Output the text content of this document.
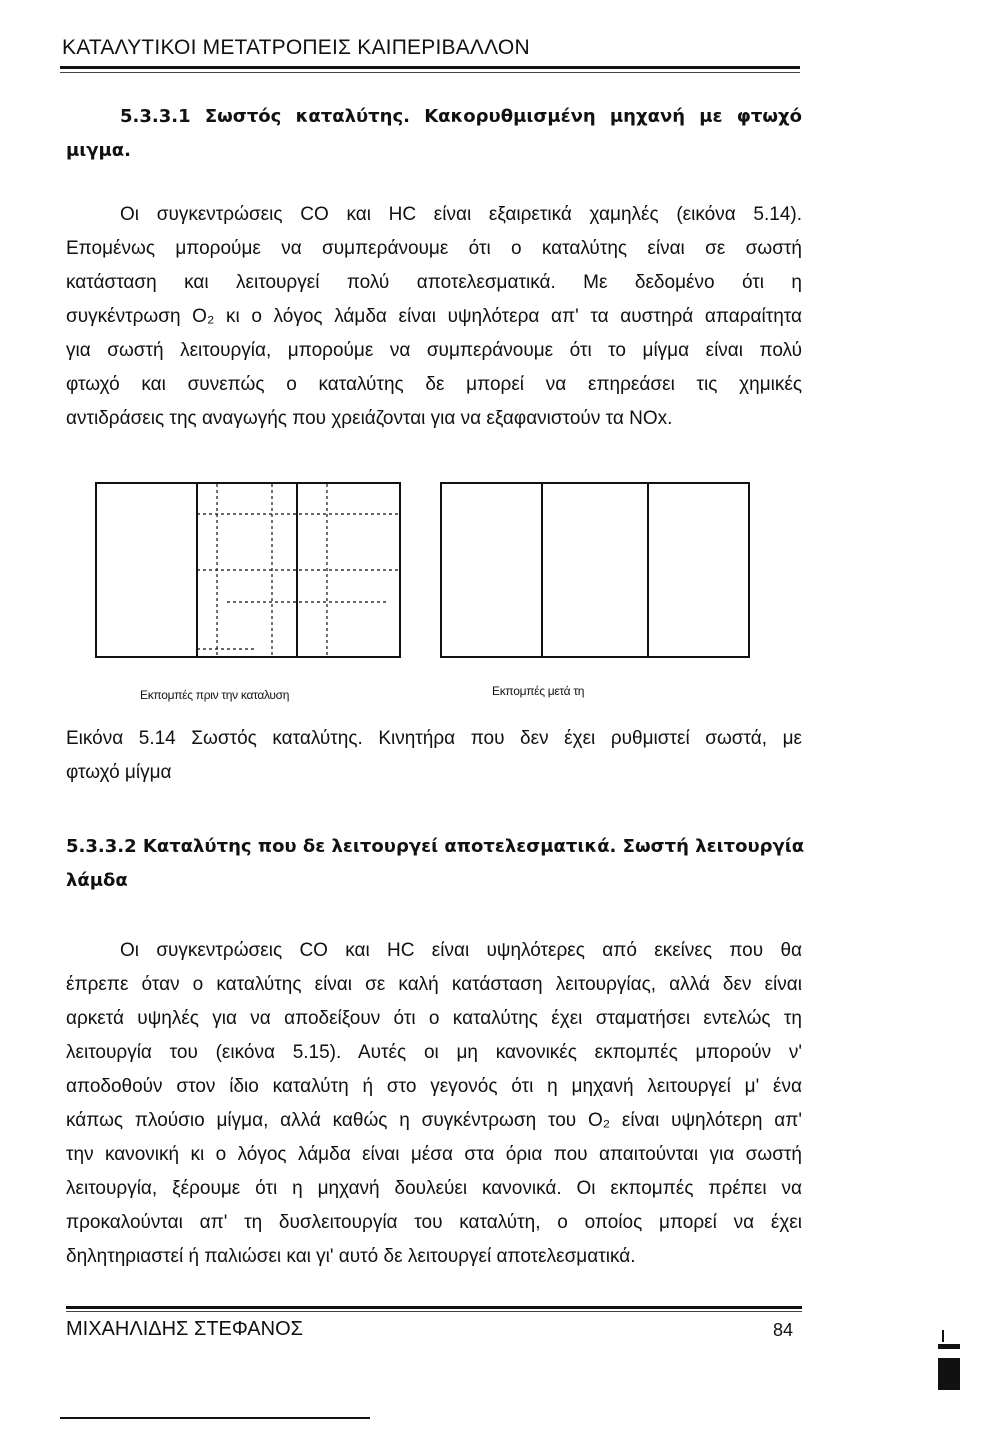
ΚΑΤΑΛΥΤΙΚΟΙ ΜΕΤΑΤΡΟΠΕΙΣ ΚΑΙΠΕΡΙΒΑΛΛΟΝ
5.3.3.1 Σωστός καταλύτης. Κακορυθμισμένη μηχανή με φτωχό
μιγμα.
Οι συγκεντρώσεις CO και HC είναι εξαιρετικά χαμηλές (εικόνα 5.14).
Επομένως μπορούμε να συμπεράνουμε ότι ο καταλύτης είναι σε σωστή
κατάσταση και λειτουργεί πολύ αποτελεσματικά. Με δεδομένο ότι η
συγκέντρωση O₂ κι ο λόγος λάμδα είναι υψηλότερα απ' τα αυστηρά απαραίτητα
για σωστή λειτουργία, μπορούμε να συμπεράνουμε ότι το μίγμα είναι πολύ
φτωχό και συνεπώς ο καταλύτης δε μπορεί να επηρεάσει τις χημικές
αντιδράσεις της αναγωγής που χρειάζονται για να εξαφανιστούν τα NOx.
Εκπομπές πριν την καταλυση	Εκπομπές μετά τη
Εικόνα 5.14 Σωστός καταλύτης. Κινητήρα που δεν έχει ρυθμιστεί σωστά, με
φτωχό μίγμα
5.3.3.2 Καταλύτης που δε λειτουργεί αποτελεσματικά. Σωστή λειτουργία
λάμδα
Οι συγκεντρώσεις CO και HC είναι υψηλότερες από εκείνες που θα
έπρεπε όταν ο καταλύτης είναι σε καλή κατάσταση λειτουργίας, αλλά δεν είναι
αρκετά υψηλές για να αποδείξουν ότι ο καταλύτης έχει σταματήσει εντελώς τη
λειτουργία του (εικόνα 5.15). Αυτές οι μη κανονικές εκπομπές μπορούν ν'
αποδοθούν στον ίδιο καταλύτη ή στο γεγονός ότι η μηχανή λειτουργεί μ' ένα
κάπως πλούσιο μίγμα, αλλά καθώς η συγκέντρωση του O₂ είναι υψηλότερη απ'
την κανονική κι ο λόγος λάμδα είναι μέσα στα όρια που απαιτούνται για σωστή
λειτουργία, ξέρουμε ότι η μηχανή δουλεύει κανονικά. Οι εκπομπές πρέπει να
προκαλούνται απ' τη δυσλειτουργία του καταλύτη, ο οποίος μπορεί να έχει
δηλητηριαστεί ή παλιώσει και γι' αυτό δε λειτουργεί αποτελεσματικά.
ΜΙΧΑΗΛΙΔΗΣ ΣΤΕΦΑΝΟΣ	84
